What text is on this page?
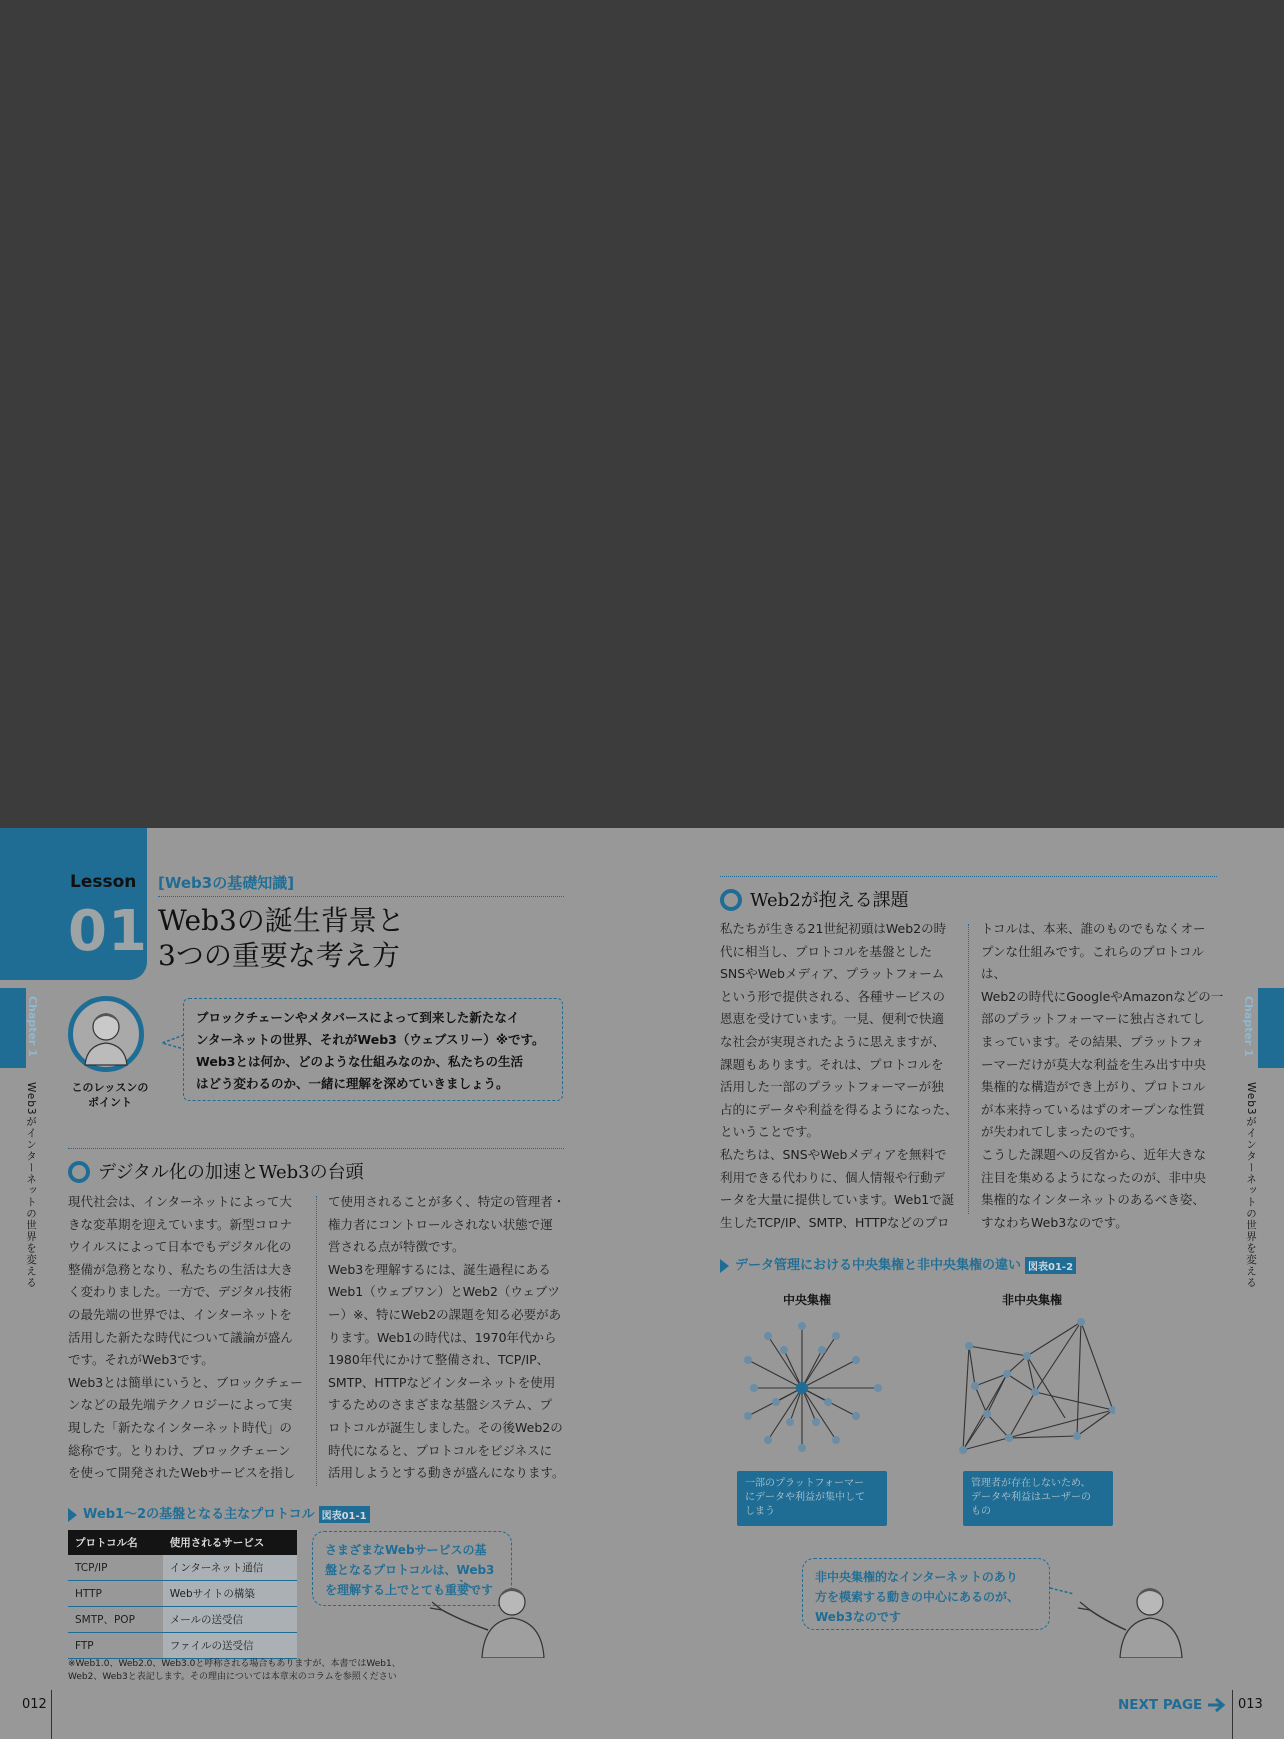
Lesson
01
[Web3の基礎知識]
Web3の誕生背景と
3つの重要な考え方
このレッスンの
ポイント
ブロックチェーンやメタバースによって到来した新たなイ
ンターネットの世界、それがWeb3（ウェブスリー）※です。
Web3とは何か、どのような仕組みなのか、私たちの生活
はどう変わるのか、一緒に理解を深めていきましょう。
デジタル化の加速とWeb3の台頭
現代社会は、インターネットによって大
きな変革期を迎えています。新型コロナ
ウイルスによって日本でもデジタル化の
整備が急務となり、私たちの生活は大き
く変わりました。一方で、デジタル技術
の最先端の世界では、インターネットを
活用した新たな時代について議論が盛ん
です。それがWeb3です。
Web3とは簡単にいうと、ブロックチェー
ンなどの最先端テクノロジーによって実
現した「新たなインターネット時代」の
総称です。とりわけ、ブロックチェーン
を使って開発されたWebサービスを指し
て使用されることが多く、特定の管理者・
権力者にコントロールされない状態で運
営される点が特徴です。
Web3を理解するには、誕生過程にある
Web1（ウェブワン）とWeb2（ウェブツ
ー）※、特にWeb2の課題を知る必要があ
ります。Web1の時代は、1970年代から
1980年代にかけて整備され、TCP/IP、
SMTP、HTTPなどインターネットを使用
するためのさまざまな基盤システム、プ
ロトコルが誕生しました。その後Web2の
時代になると、プロトコルをビジネスに
活用しようとする動きが盛んになります。
Web1〜2の基盤となる主なプロトコル 図表01-1
プロトコル名	使用されるサービス
TCP/IP	インターネット通信
HTTP	Webサイトの構築
SMTP、POP	メールの送受信
FTP	ファイルの送受信
さまざまなWebサービスの基
盤となるプロトコルは、Web3
を理解する上でとても重要です
※Web1.0、Web2.0、Web3.0と呼称される場合もありますが、本書ではWeb1、
Web2、Web3と表記します。その理由については本章末のコラムを参照ください
012
Chapter 1
Web3がインターネットの世界を変える
Web2が抱える課題
私たちが生きる21世紀初頭はWeb2の時
代に相当し、プロトコルを基盤とした
SNSやWebメディア、プラットフォーム
という形で提供される、各種サービスの
恩恵を受けています。一見、便利で快適
な社会が実現されたように思えますが、
課題もあります。それは、プロトコルを
活用した一部のプラットフォーマーが独
占的にデータや利益を得るようになった、
ということです。
私たちは、SNSやWebメディアを無料で
利用できる代わりに、個人情報や行動デ
ータを大量に提供しています。Web1で誕
生したTCP/IP、SMTP、HTTPなどのプロ
トコルは、本来、誰のものでもなくオー
プンな仕組みです。これらのプロトコルは、
Web2の時代にGoogleやAmazonなどの一
部のプラットフォーマーに独占されてし
まっています。その結果、プラットフォ
ーマーだけが莫大な利益を生み出す中央
集権的な構造ができ上がり、プロトコル
が本来持っているはずのオープンな性質
が失われてしまったのです。
こうした課題への反省から、近年大きな
注目を集めるようになったのが、非中央
集権的なインターネットのあるべき姿、
すなわちWeb3なのです。
データ管理における中央集権と非中央集権の違い 図表01-2
中央集権	非中央集権
一部のプラットフォーマー
にデータや利益が集中して
しまう
管理者が存在しないため、
データや利益はユーザーの
もの
非中央集権的なインターネットのあり
方を模索する動きの中心にあるのが、
Web3なのです
NEXT PAGE	013
Chapter 1
Web3がインターネットの世界を変える
